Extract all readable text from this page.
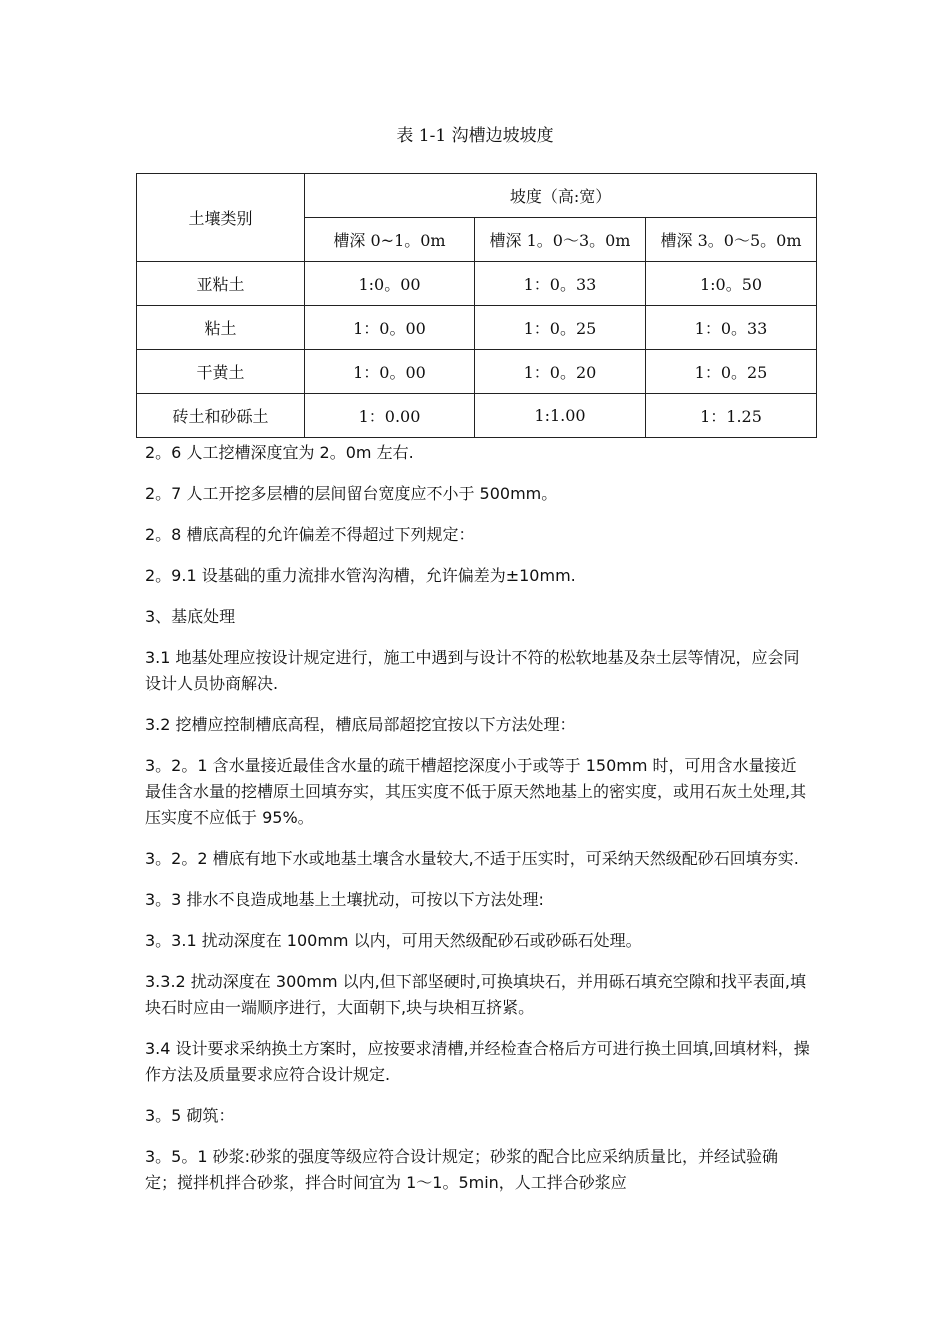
表 1-1 沟槽边坡坡度
土壤类别	坡度（高:宽）		
	槽深 0~1。0m	槽深 1。0～3。0m	槽深 3。0～5。0m
亚粘土	1:0。00	1：0。33	1:0。50
粘土	1：0。00	1：0。25	1：0。33
干黄土	1：0。00	1：0。20	1：0。25
砖土和砂砾土	1：0.00	1:1.00	1：1.25

2。6 人工挖槽深度宜为 2。0m 左右.

2。7 人工开挖多层槽的层间留台宽度应不小于 500mm。

2。8 槽底高程的允许偏差不得超过下列规定：

2。9.1 设基础的重力流排水管沟沟槽，允许偏差为±10mm.

3、基底处理

3.1 地基处理应按设计规定进行，施工中遇到与设计不符的松软地基及杂土层等情况，应会同设计人员协商解决.

3.2 挖槽应控制槽底高程，槽底局部超挖宜按以下方法处理：

3。2。1 含水量接近最佳含水量的疏干槽超挖深度小于或等于 150mm 时，可用含水量接近最佳含水量的挖槽原土回填夯实，其压实度不低于原天然地基上的密实度，或用石灰土处理,其压实度不应低于 95%。

3。2。2 槽底有地下水或地基土壤含水量较大,不适于压实时，可采纳天然级配砂石回填夯实.

3。3 排水不良造成地基上土壤扰动，可按以下方法处理:

3。3.1 扰动深度在 100mm 以内，可用天然级配砂石或砂砾石处理。

3.3.2 扰动深度在 300mm 以内,但下部坚硬时,可换填块石，并用砾石填充空隙和找平表面,填块石时应由一端顺序进行，大面朝下,块与块相互挤紧。

3.4 设计要求采纳换土方案时，应按要求清槽,并经检查合格后方可进行换土回填,回填材料，操作方法及质量要求应符合设计规定.

3。5 砌筑：

3。5。1 砂浆:砂浆的强度等级应符合设计规定；砂浆的配合比应采纳质量比，并经试验确定；搅拌机拌合砂浆，拌合时间宜为 1～1。5min，人工拌合砂浆应
